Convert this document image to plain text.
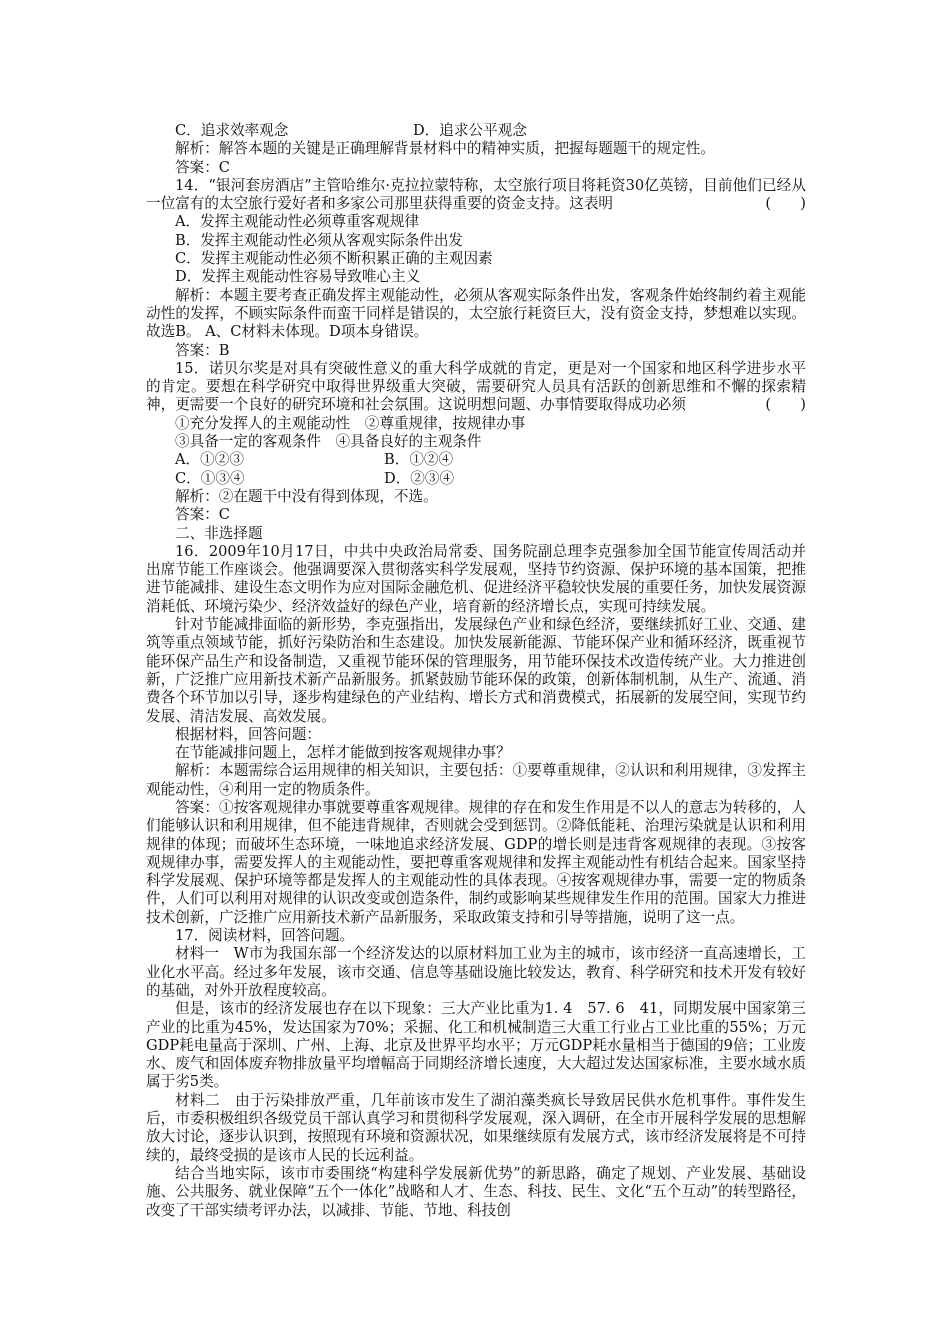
C．追求效率观念	D．追求公平观念

解析：解答本题的关键是正确理解背景材料中的精神实质，把握每题题干的规定性。

答案：C

14．“银河套房酒店”主管哈维尔·克拉拉蒙特称，太空旅行项目将耗资30亿英镑，目前他们已经从一位富有的太空旅行爱好者和多家公司那里获得重要的资金支持。这表明	(　　)

A．发挥主观能动性必须尊重客观规律

B．发挥主观能动性必须从客观实际条件出发

C．发挥主观能动性必须不断积累正确的主观因素

D．发挥主观能动性容易导致唯心主义

解析：本题主要考查正确发挥主观能动性，必须从客观实际条件出发，客观条件始终制约着主观能动性的发挥，不顾实际条件而蛮干同样是错误的，太空旅行耗资巨大，没有资金支持，梦想难以实现。故选B。 A、C材料未体现。D项本身错误。

答案：B

15．诺贝尔奖是对具有突破性意义的重大科学成就的肯定，更是对一个国家和地区科学进步水平的肯定。要想在科学研究中取得世界级重大突破，需要研究人员具有活跃的创新思维和不懈的探索精神，更需要一个良好的研究环境和社会氛围。这说明想问题、办事情要取得成功必须	(　　)

①充分发挥人的主观能动性　②尊重规律，按规律办事

③具备一定的客观条件　④具备良好的主观条件

A．①②③	B．①②④
C．①③④	D．②③④

解析：②在题干中没有得到体现，不选。

答案：C

二、非选择题

16．2009年10月17日，中共中央政治局常委、国务院副总理李克强参加全国节能宣传周活动并出席节能工作座谈会。他强调要深入贯彻落实科学发展观，坚持节约资源、保护环境的基本国策，把推进节能减排、建设生态文明作为应对国际金融危机、促进经济平稳较快发展的重要任务，加快发展资源消耗低、环境污染少、经济效益好的绿色产业，培育新的经济增长点，实现可持续发展。

针对节能减排面临的新形势，李克强指出，发展绿色产业和绿色经济，要继续抓好工业、交通、建筑等重点领域节能，抓好污染防治和生态建设。加快发展新能源、节能环保产业和循环经济，既重视节能环保产品生产和设备制造，又重视节能环保的管理服务，用节能环保技术改造传统产业。大力推进创新，广泛推广应用新技术新产品新服务。抓紧鼓励节能环保的政策，创新体制机制，从生产、流通、消费各个环节加以引导，逐步构建绿色的产业结构、增长方式和消费模式，拓展新的发展空间，实现节约发展、清洁发展、高效发展。

根据材料，回答问题：

在节能减排问题上，怎样才能做到按客观规律办事？

解析：本题需综合运用规律的相关知识，主要包括：①要尊重规律，②认识和利用规律，③发挥主观能动性，④利用一定的物质条件。

答案：①按客观规律办事就要尊重客观规律。规律的存在和发生作用是不以人的意志为转移的，人们能够认识和利用规律，但不能违背规律，否则就会受到惩罚。②降低能耗、治理污染就是认识和利用规律的体现；而破坏生态环境，一味地追求经济发展、GDP的增长则是违背客观规律的表现。③按客观规律办事，需要发挥人的主观能动性，要把尊重客观规律和发挥主观能动性有机结合起来。国家坚持科学发展观、保护环境等都是发挥人的主观能动性的具体表现。④按客观规律办事，需要一定的物质条件，人们可以利用对规律的认识改变或创造条件，制约或影响某些规律发生作用的范围。国家大力推进技术创新，广泛推广应用新技术新产品新服务，采取政策支持和引导等措施，说明了这一点。

17．阅读材料，回答问题。

材料一　W市为我国东部一个经济发达的以原材料加工业为主的城市，该市经济一直高速增长，工业化水平高。经过多年发展，该市交通、信息等基础设施比较发达，教育、科学研究和技术开发有较好的基础，对外开放程度较高。

但是，该市的经济发展也存在以下现象：三大产业比重为1. 4　57. 6　41，同期发展中国家第三产业的比重为45%，发达国家为70%；采掘、化工和机械制造三大重工行业占工业比重的55%；万元GDP耗电量高于深圳、广州、上海、北京及世界平均水平；万元GDP耗水量相当于德国的9倍；工业废水、废气和固体废弃物排放量平均增幅高于同期经济增长速度，大大超过发达国家标准，主要水域水质属于劣5类。

材料二　由于污染排放严重，几年前该市发生了湖泊藻类疯长导致居民供水危机事件。事件发生后，市委积极组织各级党员干部认真学习和贯彻科学发展观，深入调研，在全市开展科学发展的思想解放大讨论，逐步认识到，按照现有环境和资源状况，如果继续原有发展方式，该市经济发展将是不可持续的，最终受损的是该市人民的长远利益。

结合当地实际，该市市委围绕“构建科学发展新优势”的新思路，确定了规划、产业发展、基础设施、公共服务、就业保障“五个一体化”战略和人才、生态、科技、民生、文化“五个互动”的转型路径，改变了干部实绩考评办法，以减排、节能、节地、科技创
